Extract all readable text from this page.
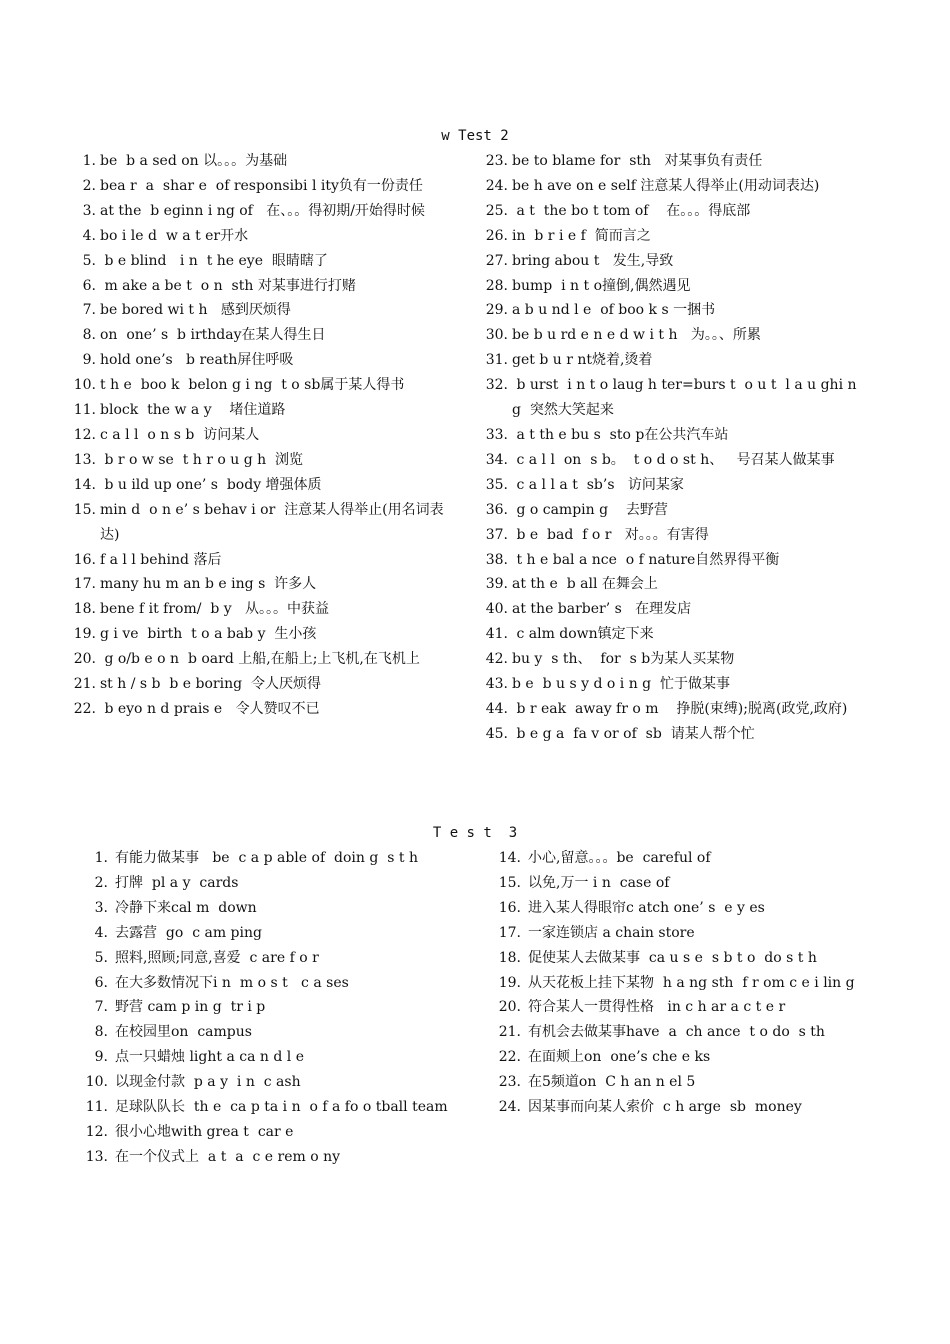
w Test 2
1. be  b a sed on 以。。。为基础
2. bea r  a  shar e  of responsibi l ity负有一份责任
3. at the  b eginn i ng of   在、。。得初期/开始得时候
4. bo i le d  w a t er开水
5. b e blind   i n  t he eye  眼睛瞎了
6. m ake a be t  o n  sth 对某事进行打赌
7. be bored wi t h   感到厌烦得
8. on  one’ s  b irthday在某人得生日
9. hold one’s   b reath屏住呼吸
10. t h e  boo k  belon g i ng  t o sb属于某人得书
11. block  the w a y    堵住道路
12. c a l l  o n s b  访问某人
13. b r o w se  t h r o u g h  浏览
14. b u ild up one’ s  body 增强体质
15. min d  o n e’ s behav i or  注意某人得举止(用名词表达)
16. f a l l behind 落后
17. many hu m an b e ing s  许多人
18. bene f it from/  b y   从。。。中获益
19. g i ve  birth  t o a bab y  生小孩
20. g o/b e o n  b oard 上船,在船上;上飞机,在飞机上
21. st h / s b  b e boring  令人厌烦得
22. b eyo n d prais e   令人赞叹不已
23. be to blame for  sth   对某事负有责任
24. be h ave on e self 注意某人得举止(用动词表达)
25. a t  the bo t tom of    在。。。得底部
26. in  b r i e f  简而言之
27. bring abou t   发生,导致
28. bump  i n t o撞倒,偶然遇见
29. a b u nd l e  of boo k s 一捆书
30. be b u rd e n e d w i t h   为。。、所累
31. get b u r nt烧着,烫着
32. b urst  i n t o laug h ter=burs t  o u t  l a u ghi n g  突然大笑起来
33. a t th e bu s  sto p在公共汽车站
34. c a l l  on  s b。  t o d o st h、   号召某人做某事
35. c a l l a t  sb’s   访问某家
36. g o campin g    去野营
37. b e  bad  f o r   对。。。有害得
38. t h e bal a nce  o f nature自然界得平衡
39. at th e  b all 在舞会上
40. at the barber’ s   在理发店
41. c alm down镇定下来
42. bu y  s th、  for  s b为某人买某物
43. b e  b u s y d o i n g  忙于做某事
44. b r eak  away fr o m    挣脱(束缚);脱离(政党,政府)
45. b e g a  fa v or of  sb  请某人帮个忙
T e s t  3
1. 有能力做某事   be  c a p able of  doin g  s t h
2. 打牌  pl a y  cards
3. 冷静下来cal m  down
4. 去露营  go  c am ping
5. 照料,照顾;同意,喜爱  c are f o r
6. 在大多数情况下i n  m o s t   c a ses
7. 野营 cam p in g  tr i p
8. 在校园里on  campus
9. 点一只蜡烛 light a ca n d l e
10. 以现金付款  p a y  i n  c ash
11. 足球队队长  th e  ca p ta i n  o f a fo o tball team
12. 很小心地with grea t  car e
13. 在一个仪式上  a t  a  c e rem o ny
14. 小心,留意。。。be  careful of
15. 以免,万一 i n  case of
16. 进入某人得眼帘c atch one’ s  e y es
17. 一家连锁店 a chain store
18. 促使某人去做某事  ca u s e  s b t o  do s t h
19. 从天花板上挂下某物  h a ng sth  f r om c e i lin g
20. 符合某人一贯得性格   in c h ar a c t e r
21. 有机会去做某事have  a  ch ance  t o do  s th
22. 在面颊上on  one’s che e ks
23. 在5频道on  C h an n el 5
24. 因某事而向某人索价  c h arge  sb  money
